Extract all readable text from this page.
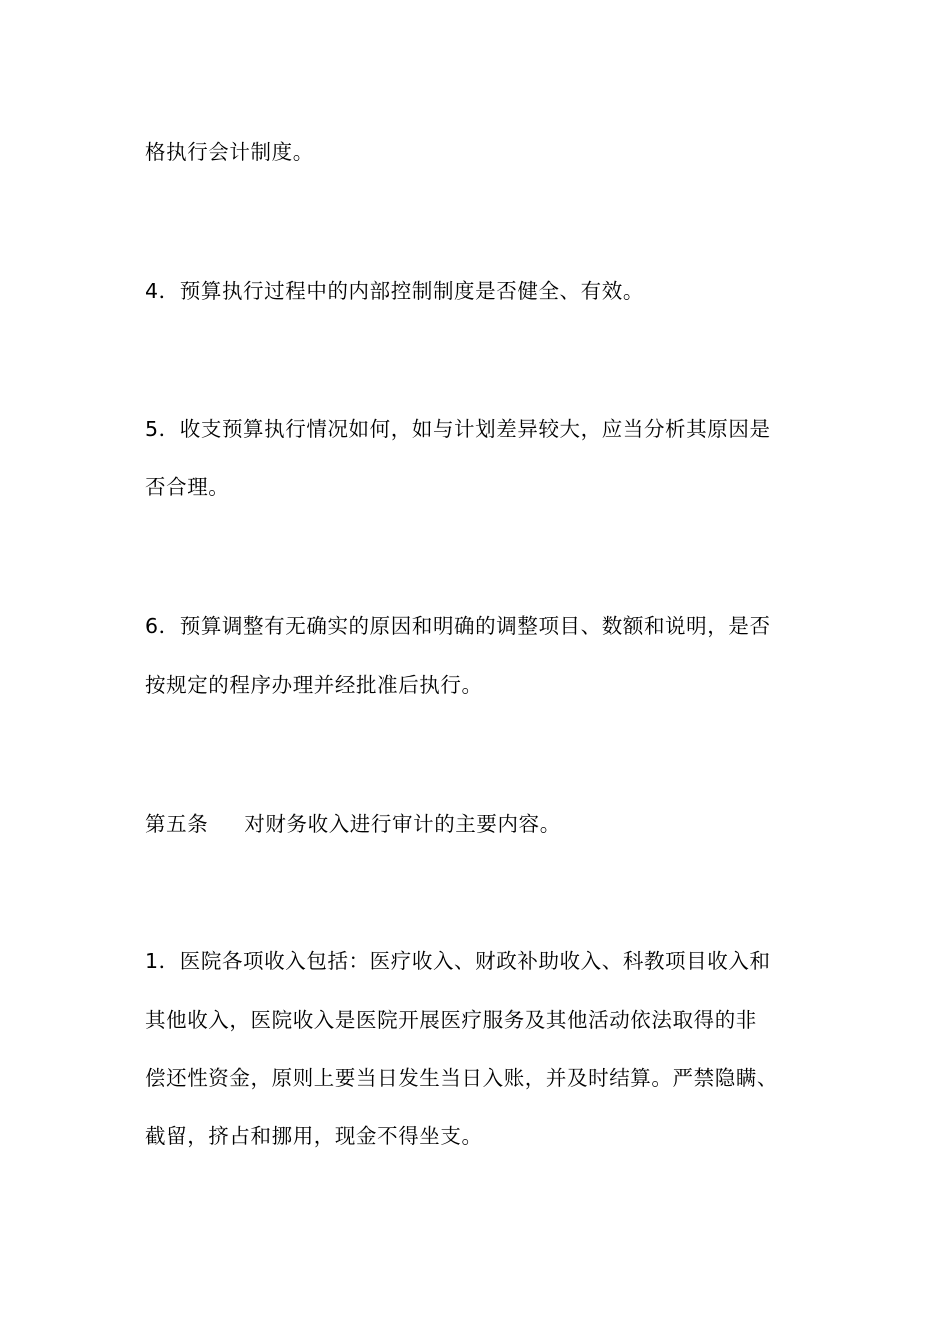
格执行会计制度。
4．预算执行过程中的内部控制制度是否健全、有效。
5．收支预算执行情况如何，如与计划差异较大，应当分析其原因是
否合理。
6．预算调整有无确实的原因和明确的调整项目、数额和说明，是否
按规定的程序办理并经批准后执行。
第五条 对财务收入进行审计的主要内容。
1．医院各项收入包括：医疗收入、财政补助收入、科教项目收入和
其他收入，医院收入是医院开展医疗服务及其他活动依法取得的非
偿还性资金，原则上要当日发生当日入账，并及时结算。严禁隐瞒、
截留，挤占和挪用，现金不得坐支。
